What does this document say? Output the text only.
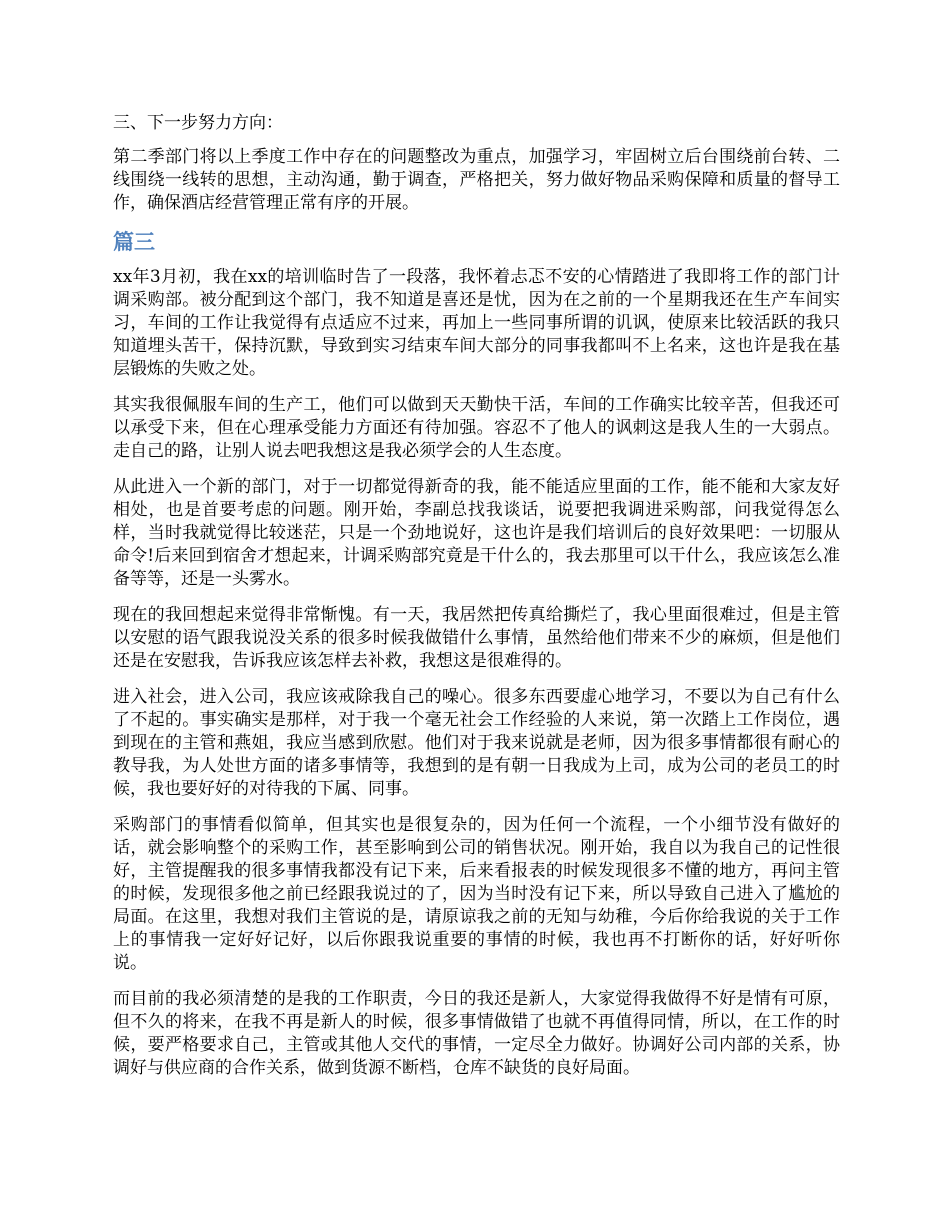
三、下一步努力方向：
第二季部门将以上季度工作中存在的问题整改为重点，加强学习，牢固树立后台围绕前台转、二线围绕一线转的思想，主动沟通，勤于调查，严格把关，努力做好物品采购保障和质量的督导工作，确保酒店经营管理正常有序的开展。
篇三
xx年3月初，我在xx的培训临时告了一段落，我怀着忐忑不安的心情踏进了我即将工作的部门计调采购部。被分配到这个部门，我不知道是喜还是忧，因为在之前的一个星期我还在生产车间实习，车间的工作让我觉得有点适应不过来，再加上一些同事所谓的讥讽，使原来比较活跃的我只知道埋头苦干，保持沉默，导致到实习结束车间大部分的同事我都叫不上名来，这也许是我在基层锻炼的失败之处。
其实我很佩服车间的生产工，他们可以做到天天勤快干活，车间的工作确实比较辛苦，但我还可以承受下来，但在心理承受能力方面还有待加强。容忍不了他人的讽刺这是我人生的一大弱点。走自己的路，让别人说去吧我想这是我必须学会的人生态度。
从此进入一个新的部门，对于一切都觉得新奇的我，能不能适应里面的工作，能不能和大家友好相处，也是首要考虑的问题。刚开始，李副总找我谈话，说要把我调进采购部，问我觉得怎么样，当时我就觉得比较迷茫，只是一个劲地说好，这也许是我们培训后的良好效果吧：一切服从命令!后来回到宿舍才想起来，计调采购部究竟是干什么的，我去那里可以干什么，我应该怎么准备等等，还是一头雾水。
现在的我回想起来觉得非常惭愧。有一天，我居然把传真给撕烂了，我心里面很难过，但是主管以安慰的语气跟我说没关系的很多时候我做错什么事情，虽然给他们带来不少的麻烦，但是他们还是在安慰我，告诉我应该怎样去补救，我想这是很难得的。
进入社会，进入公司，我应该戒除我自己的噪心。很多东西要虚心地学习，不要以为自己有什么了不起的。事实确实是那样，对于我一个毫无社会工作经验的人来说，第一次踏上工作岗位，遇到现在的主管和燕姐，我应当感到欣慰。他们对于我来说就是老师，因为很多事情都很有耐心的教导我，为人处世方面的诸多事情等，我想到的是有朝一日我成为上司，成为公司的老员工的时候，我也要好好的对待我的下属、同事。
采购部门的事情看似简单，但其实也是很复杂的，因为任何一个流程，一个小细节没有做好的话，就会影响整个的采购工作，甚至影响到公司的销售状况。刚开始，我自以为我自己的记性很好，主管提醒我的很多事情我都没有记下来，后来看报表的时候发现很多不懂的地方，再问主管的时候，发现很多他之前已经跟我说过的了，因为当时没有记下来，所以导致自己进入了尴尬的局面。在这里，我想对我们主管说的是，请原谅我之前的无知与幼稚，今后你给我说的关于工作上的事情我一定好好记好，以后你跟我说重要的事情的时候，我也再不打断你的话，好好听你说。
而目前的我必须清楚的是我的工作职责，今日的我还是新人，大家觉得我做得不好是情有可原，但不久的将来，在我不再是新人的时候，很多事情做错了也就不再值得同情，所以，在工作的时候，要严格要求自己，主管或其他人交代的事情，一定尽全力做好。协调好公司内部的关系，协调好与供应商的合作关系，做到货源不断档，仓库不缺货的良好局面。
